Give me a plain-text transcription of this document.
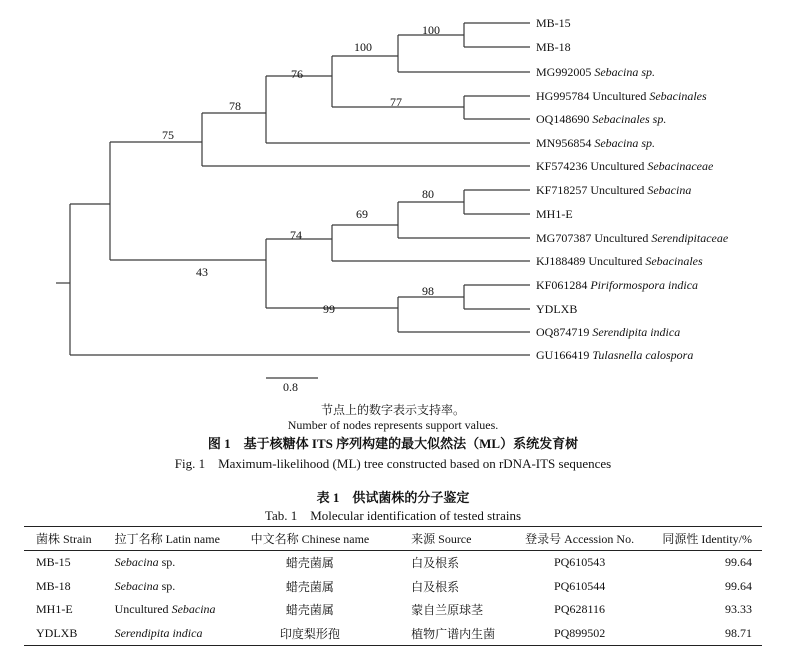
100
100
76
77
78
75
80
69
74
43
98
99
MB-15
MB-18
MG992005 Sebacina sp.
HG995784 Uncultured Sebacinales
OQ148690 Sebacinales sp.
MN956854 Sebacina sp.
KF574236 Uncultured Sebacinaceae
KF718257 Uncultured Sebacina
MH1-E
MG707387 Uncultured Serendipitaceae
KJ188489 Uncultured Sebacinales
KF061284 Piriformospora indica
YDLXB
OQ874719 Serendipita indica
GU166419 Tulasnella calospora
0.8
节点上的数字表示支持率。
Number of nodes represents support values.
图 1　基于核糖体 ITS 序列构建的最大似然法（ML）系统发育树
Fig. 1　Maximum-likelihood (ML) tree constructed based on rDNA-ITS sequences
表 1　供试菌株的分子鉴定
Tab. 1　Molecular identification of tested strains
菌株 Strain	拉丁名称 Latin name	中文名称 Chinese name	来源 Source	登录号 Accession No.	同源性 Identity/%
MB-15	Sebacina sp.	蜡壳菌属	白及根系	PQ610543	99.64
MB-18	Sebacina sp.	蜡壳菌属	白及根系	PQ610544	99.64
MH1-E	Uncultured Sebacina	蜡壳菌属	蒙自兰原球茎	PQ628116	93.33
YDLXB	Serendipita indica	印度梨形孢	植物广谱内生菌	PQ899502	98.71
